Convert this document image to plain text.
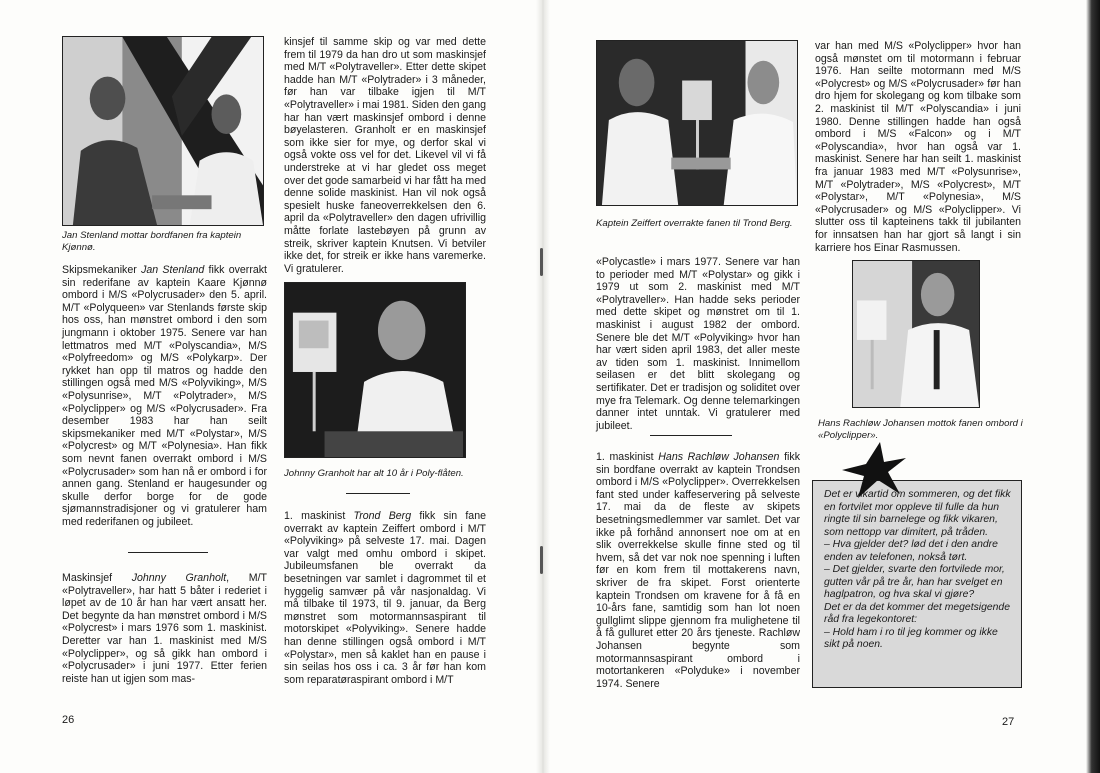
Jan Stenland mottar bordfanen fra kaptein Kjønnø.

Skipsmekaniker Jan Stenland fikk overrakt sin rederifane av kaptein Kaare Kjønnø ombord i M/S «Polycrusader» den 5. april. M/T «Polyqueen» var Stenlands første skip hos oss, han mønstret ombord i den som jungmann i oktober 1975. Senere var han lettmatros med M/T «Polyscandia», M/S «Polyfreedom» og M/S «Polykarp». Der rykket han opp til matros og hadde den stillingen også med M/S «Polyviking», M/S «Polysunrise», M/T «Polytrader», M/S «Polyclipper» og M/S «Polycrusader». Fra desember 1983 har han seilt skipsmekaniker med M/T «Polystar», M/S «Polycrest» og M/T «Polynesia». Han fikk som nevnt fanen overrakt ombord i M/S «Polycrusader» som han nå er ombord i for annen gang. Stenland er haugesunder og skulle derfor borge for de gode sjømannstradisjoner og vi gratulerer ham med rederifanen og jubileet.

Maskinsjef Johnny Granholt, M/T «Polytraveller», har hatt 5 båter i rederiet i løpet av de 10 år han har vært ansatt her. Det begynte da han mønstret ombord i M/S «Polycrest» i mars 1976 som 1. maskinist. Deretter var han 1. maskinist med M/S «Polyclipper», og så gikk han ombord i «Polycrusader» i juni 1977. Etter ferien reiste han ut igjen som mas-

kinsjef til samme skip og var med dette frem til 1979 da han dro ut som maskinsjef med M/T «Polytraveller». Etter dette skipet hadde han M/T «Polytrader» i 3 måneder, før han var tilbake igjen til M/T «Polytraveller» i mai 1981. Siden den gang har han vært maskinsjef ombord i denne bøyelasteren. Granholt er en maskinsjef som ikke sier for mye, og derfor skal vi også vokte oss vel for det. Likevel vil vi få understreke at vi har gledet oss meget over det gode samarbeid vi har fått ha med denne solide maskinist. Han vil nok også spesielt huske faneoverrekkelsen den 6. april da «Polytraveller» den dagen ufrivillig måtte forlate lastebøyen på grunn av streik, skriver kaptein Knutsen. Vi betviler ikke det, for streik er ikke hans varemerke. Vi gratulerer.

Johnny Granholt har alt 10 år i Poly-flåten.

1. maskinist Trond Berg fikk sin fane overrakt av kaptein Zeiffert ombord i M/T «Polyviking» på selveste 17. mai. Dagen var valgt med omhu ombord i skipet. Jubileumsfanen ble overrakt da besetningen var samlet i dagrommet til et hyggelig samvær på vår nasjonaldag. Vi må tilbake til 1973, til 9. januar, da Berg mønstret som motormannsaspirant til motorskipet «Polyviking». Senere hadde han denne stillingen også ombord i M/T «Polystar», men så kaklet han en pause i sin seilas hos oss i ca. 3 år før han kom som reparatøraspirant ombord i M/T

26
Kaptein Zeiffert overrakte fanen til Trond Berg.

«Polycastle» i mars 1977. Senere var han to perioder med M/T «Polystar» og gikk i 1979 ut som 2. maskinist med M/T «Polytraveller». Han hadde seks perioder med dette skipet og mønstret om til 1. maskinist i august 1982 der ombord. Senere ble det M/T «Polyviking» hvor han har vært siden april 1983, det aller meste av tiden som 1. maskinist. Innimellom seilasen er det blitt skolegang og sertifikater. Det er tradisjon og soliditet over mye fra Telemark. Og denne telemarkingen danner intet unntak. Vi gratulerer med jubileet.

1. maskinist Hans Rachløw Johansen fikk sin bordfane overrakt av kaptein Trondsen ombord i M/S «Polyclipper». Overrekkelsen fant sted under kaffeservering på selveste 17. mai da de fleste av skipets besetningsmedlemmer var samlet. Det var ikke på forhånd annonsert noe om at en slik overrekkelse skulle finne sted og til hvem, så det var nok noe spenning i luften før en kom frem til mottakerens navn, skriver de fra skipet. Forst orienterte kaptein Trondsen om kravene for å få en 10-års fane, samtidig som han lot noen gullglimt slippe gjennom fra mulighetene til å få gulluret etter 20 års tjeneste. Rachløw Johansen begynte som motormannsaspirant ombord i motortankeren «Polyduke» i november 1974. Senere

var han med M/S «Polyclipper» hvor han også mønstet om til motormann i februar 1976. Han seilte motormann med M/S «Polycrest» og M/S «Polycrusader» før han dro hjem for skolegang og kom tilbake som 2. maskinist til M/T «Polyscandia» i juni 1980. Denne stillingen hadde han også ombord i M/S «Falcon» og i M/T «Polyscandia», hvor han også var 1. maskinist. Senere har han seilt 1. maskinist fra januar 1983 med M/T «Polysunrise», M/T «Polytrader», M/S «Polycrest», M/T «Polystar», M/T «Polynesia», M/S «Polycrusader» og M/S «Polyclipper». Vi slutter oss til kapteinens takk til jubilanten for innsatsen han har gjort så langt i sin karriere hos Einar Rasmussen.

Hans Rachløw Johansen mottok fanen ombord i «Polyclipper».
Det er vikartid om sommeren, og det fikk en fortvilet mor oppleve til fulle da hun ringte til sin barnelege og fikk vikaren, som nettopp var dimitert, på tråden.
– Hva gjelder det? lød det i den andre enden av telefonen, nokså tørt.
– Det gjelder, svarte den fortvilede mor, gutten vår på tre år, han har svelget en haglpatron, og hva skal vi gjøre?
Det er da det kommer det megetsigende råd fra legekontoret:
– Hold ham i ro til jeg kommer og ikke sikt på noen.
27
